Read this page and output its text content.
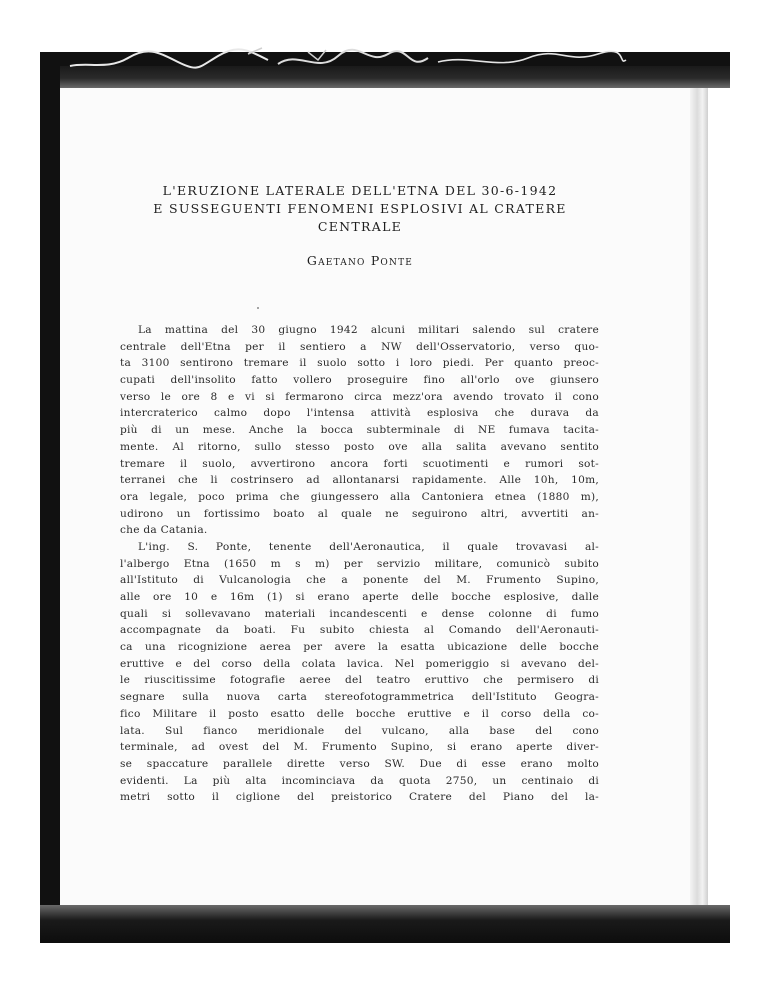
L'ERUZIONE LATERALE DELL'ETNA DEL 30-6-1942
E SUSSEGUENTI FENOMENI ESPLOSIVI AL CRATERE
CENTRALE
Gaetano Ponte
La mattina del 30 giugno 1942 alcuni militari salendo sul cratere
centrale dell'Etna per il sentiero a NW dell'Osservatorio, verso quo-
ta 3100 sentirono tremare il suolo sotto i loro piedi. Per quanto preoc-
cupati dell'insolito fatto vollero proseguire fino all'orlo ove giunsero
verso le ore 8 e vi si fermarono circa mezz'ora avendo trovato il cono
intercraterico calmo dopo l'intensa attività esplosiva che durava da
più di un mese. Anche la bocca subterminale di NE fumava tacita-
mente. Al ritorno, sullo stesso posto ove alla salita avevano sentito
tremare il suolo, avvertirono ancora forti scuotimenti e rumori sot-
terranei che li costrinsero ad allontanarsi rapidamente. Alle 10h, 10m,
ora legale, poco prima che giungessero alla Cantoniera etnea (1880 m),
udirono un fortissimo boato al quale ne seguirono altri, avvertiti an-
che da Catania.
L'ing. S. Ponte, tenente dell'Aeronautica, il quale trovavasi al-
l'albergo Etna (1650 m s m) per servizio militare, comunicò subito
all'Istituto di Vulcanologia che a ponente del M. Frumento Supino,
alle ore 10 e 16m (1) si erano aperte delle bocche esplosive, dalle
quali si sollevavano materiali incandescenti e dense colonne di fumo
accompagnate da boati. Fu subito chiesta al Comando dell'Aeronauti-
ca una ricognizione aerea per avere la esatta ubicazione delle bocche
eruttive e del corso della colata lavica. Nel pomeriggio si avevano del-
le riuscitissime fotografie aeree del teatro eruttivo che permisero di
segnare sulla nuova carta stereofotogrammetrica dell'Istituto Geogra-
fico Militare il posto esatto delle bocche eruttive e il corso della co-
lata. Sul fianco meridionale del vulcano, alla base del cono
terminale, ad ovest del M. Frumento Supino, si erano aperte diver-
se spaccature parallele dirette verso SW. Due di esse erano molto
evidenti. La più alta incominciava da quota 2750, un centinaio di
metri sotto il ciglione del preistorico Cratere del Piano del la-
